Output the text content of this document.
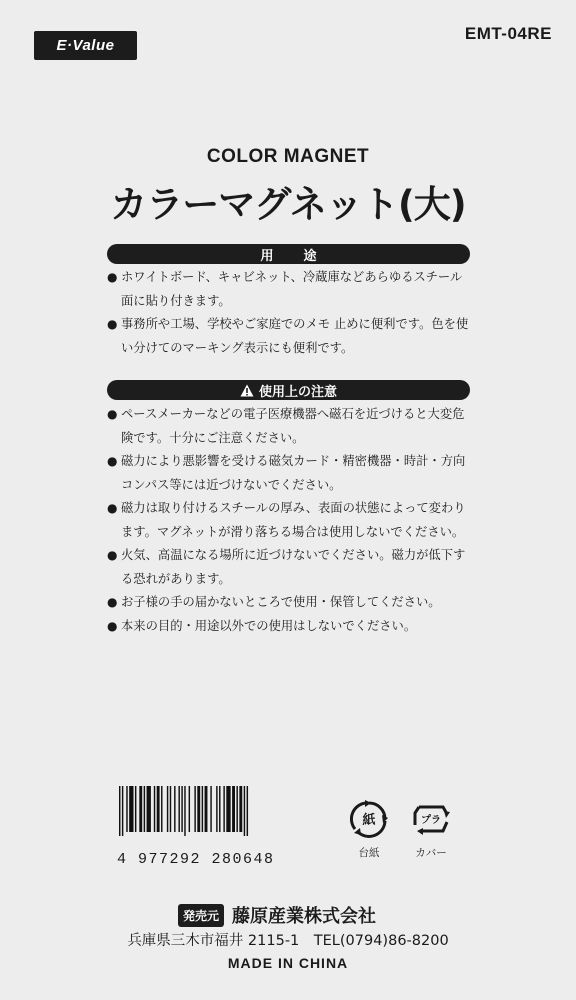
E·Value
EMT-04RE
COLOR MAGNET
カラーマグネット(大)
用途
● ホワイトボード、キャビネット、冷蔵庫などあらゆるスチール面に貼り付きます。
● 事務所や工場、学校やご家庭でのメモ 止めに便利です。色を使い分けてのマーキング表示にも便利です。
使用上の注意
● ペースメーカーなどの電子医療機器へ磁石を近づけると大変危険です。十分にご注意ください。
● 磁力により悪影響を受ける磁気カード・精密機器・時計・方向コンパス等には近づけないでください。
● 磁力は取り付けるスチールの厚み、表面の状態によって変わります。マグネットが滑り落ちる場合は使用しないでください。
● 火気、高温になる場所に近づけないでください。磁力が低下する恐れがあります。
● お子様の手の届かないところで使用・保管してください。
● 本来の目的・用途以外での使用はしないでください。
4 977292 280648
紙
台紙
プラ
カバー
発売元 藤原産業株式会社
兵庫県三木市福井 2115-1　TEL(0794)86-8200
MADE IN CHINA
